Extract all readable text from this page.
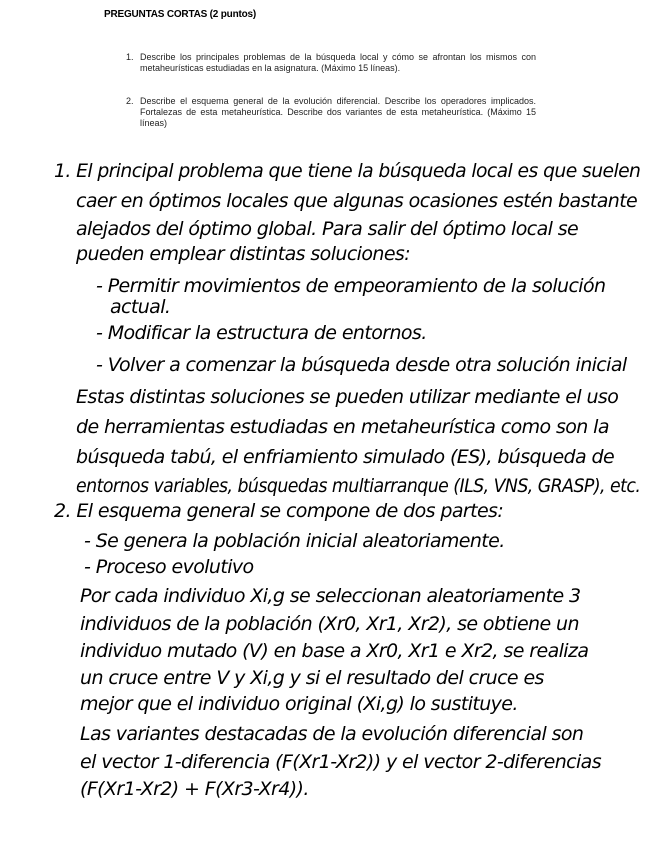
PREGUNTAS CORTAS (2 puntos)
1. Describe los principales problemas de la búsqueda local y cómo se afrontan los mismos con metaheurísticas estudiadas en la asignatura. (Máximo 15 líneas).
2. Describe el esquema general de la evolución diferencial. Describe los operadores implicados. Fortalezas de esta metaheurística. Describe dos variantes de esta metaheurística. (Máximo 15 líneas)
1. El principal problema que tiene la búsqueda local es que suelen
caer en óptimos locales que algunas ocasiones estén bastante
alejados del óptimo global. Para salir del óptimo local se
pueden emplear distintas soluciones:
- Permitir movimientos de empeoramiento de la solución
actual.
- Modificar la estructura de entornos.
- Volver a comenzar la búsqueda desde otra solución inicial
Estas distintas soluciones se pueden utilizar mediante el uso
de herramientas estudiadas en metaheurística como son la
búsqueda tabú, el enfriamiento simulado (ES), búsqueda de
entornos variables, búsquedas multiarranque (ILS, VNS, GRASP), etc.
2. El esquema general se compone de dos partes:
- Se genera la población inicial aleatoriamente.
- Proceso evolutivo
Por cada individuo Xi,g se seleccionan aleatoriamente 3
individuos de la población (Xr0, Xr1, Xr2), se obtiene un
individuo mutado (V) en base a Xr0, Xr1 e Xr2, se realiza
un cruce entre V y Xi,g y si el resultado del cruce es
mejor que el individuo original (Xi,g) lo sustituye.
Las variantes destacadas de la evolución diferencial son
el vector 1-diferencia (F(Xr1-Xr2)) y el vector 2-diferencias
(F(Xr1-Xr2) + F(Xr3-Xr4)).
